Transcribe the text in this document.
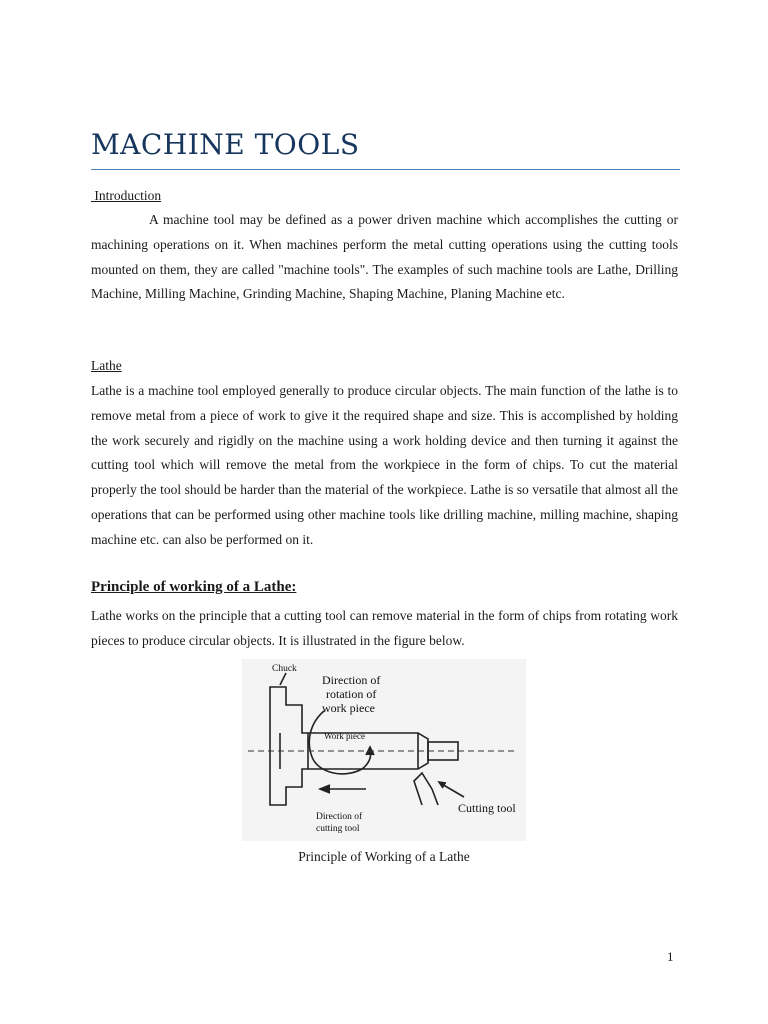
MACHINE TOOLS
Introduction

A machine tool may be defined as a power driven machine which accomplishes the cutting or machining operations on it. When machines perform the metal cutting operations using the cutting tools mounted on them, they are called "machine tools". The examples of such machine tools are Lathe, Drilling Machine, Milling Machine, Grinding Machine, Shaping Machine, Planing Machine etc.

Lathe

Lathe is a machine tool employed generally to produce circular objects. The main function of the lathe is to remove metal from a piece of work to give it the required shape and size. This is accomplished by holding the work securely and rigidly on the machine using a work holding device and then turning it against the cutting tool which will remove the metal from the workpiece in the form of chips. To cut the material properly the tool should be harder than the material of the workpiece. Lathe is so versatile that almost all the operations that can be performed using other machine tools like drilling machine, milling machine, shaping machine etc. can also be performed on it.

Principle of working of a Lathe:

Lathe works on the principle that a cutting tool can remove material in the form of chips from rotating work pieces to produce circular objects. It is illustrated in the figure below.

Chuck
Direction of
rotation of
work piece
Work piece
Direction of
cutting tool
Cutting tool
Principle of Working of a Lathe
1
